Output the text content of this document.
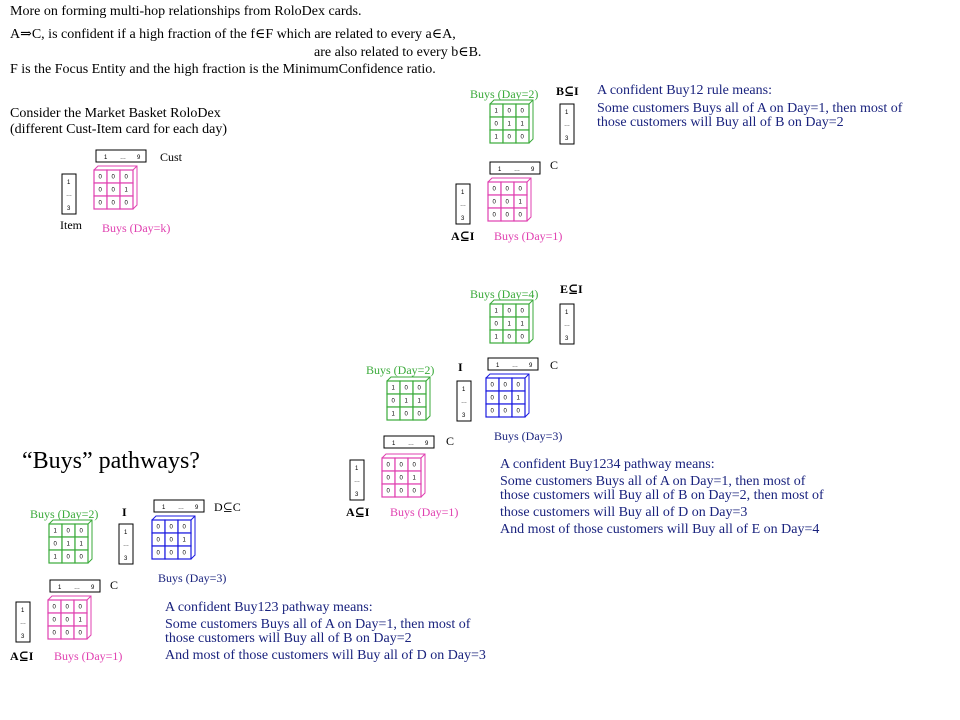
More on forming multi-hop relationships from RoloDex cards.
A⇒C, is confident if a high fraction of the f∈F which are related to every a∈A,
are also related to every b∈B.
F is the Focus Entity and the high fraction is the MinimumConfidence ratio.
Consider the Market Basket RoloDex
(different Cust-Item card for each day)
1 … 9
1
…
3
0 0 0
0 0 1
0 0 0
Cust
Item Buys (Day=k)
Buys (Day=2) B⊆I
1 0 0
0 1 1
1 0 0
1
…
3
1 … 9
1
…
3
0 0 0
0 0 1
0 0 0
C
A⊆I Buys (Day=1)
A confident Buy12 rule means:
Some customers Buys all of A on Day=1, then most of
those customers will Buy all of B on Day=2
Buys (Day=4) E⊆I
1 0 0
0 1 1
1 0 0
1
…
3
1 … 9
0 0 0
0 0 1
0 0 0
C
Buys (Day=3)
Buys (Day=2) I
1 0 0
0 1 1
1 0 0
1
…
3
1 … 9
1
…
3
0 0 0
0 0 1
0 0 0
C
A⊆I Buys (Day=1)
“Buys” pathways?	A confident Buy1234 pathway means:
Some customers Buys all of A on Day=1, then most of
those customers will Buy all of B on Day=2, then most of
those customers will Buy all of D on Day=3
And most of those customers will Buy all of E on Day=4
Buys (Day=2) I
1 0 0
0 1 1
1 0 0
1
…
3
1 … 9
0 0 0
0 0 1
0 0 0
D⊆C
Buys (Day=3)
1 … 9
1
…
3
0 0 0
0 0 1
0 0 0
C
A⊆I Buys (Day=1)
A confident Buy123 pathway means:
Some customers Buys all of A on Day=1, then most of
those customers will Buy all of B on Day=2
And most of those customers will Buy all of D on Day=3
